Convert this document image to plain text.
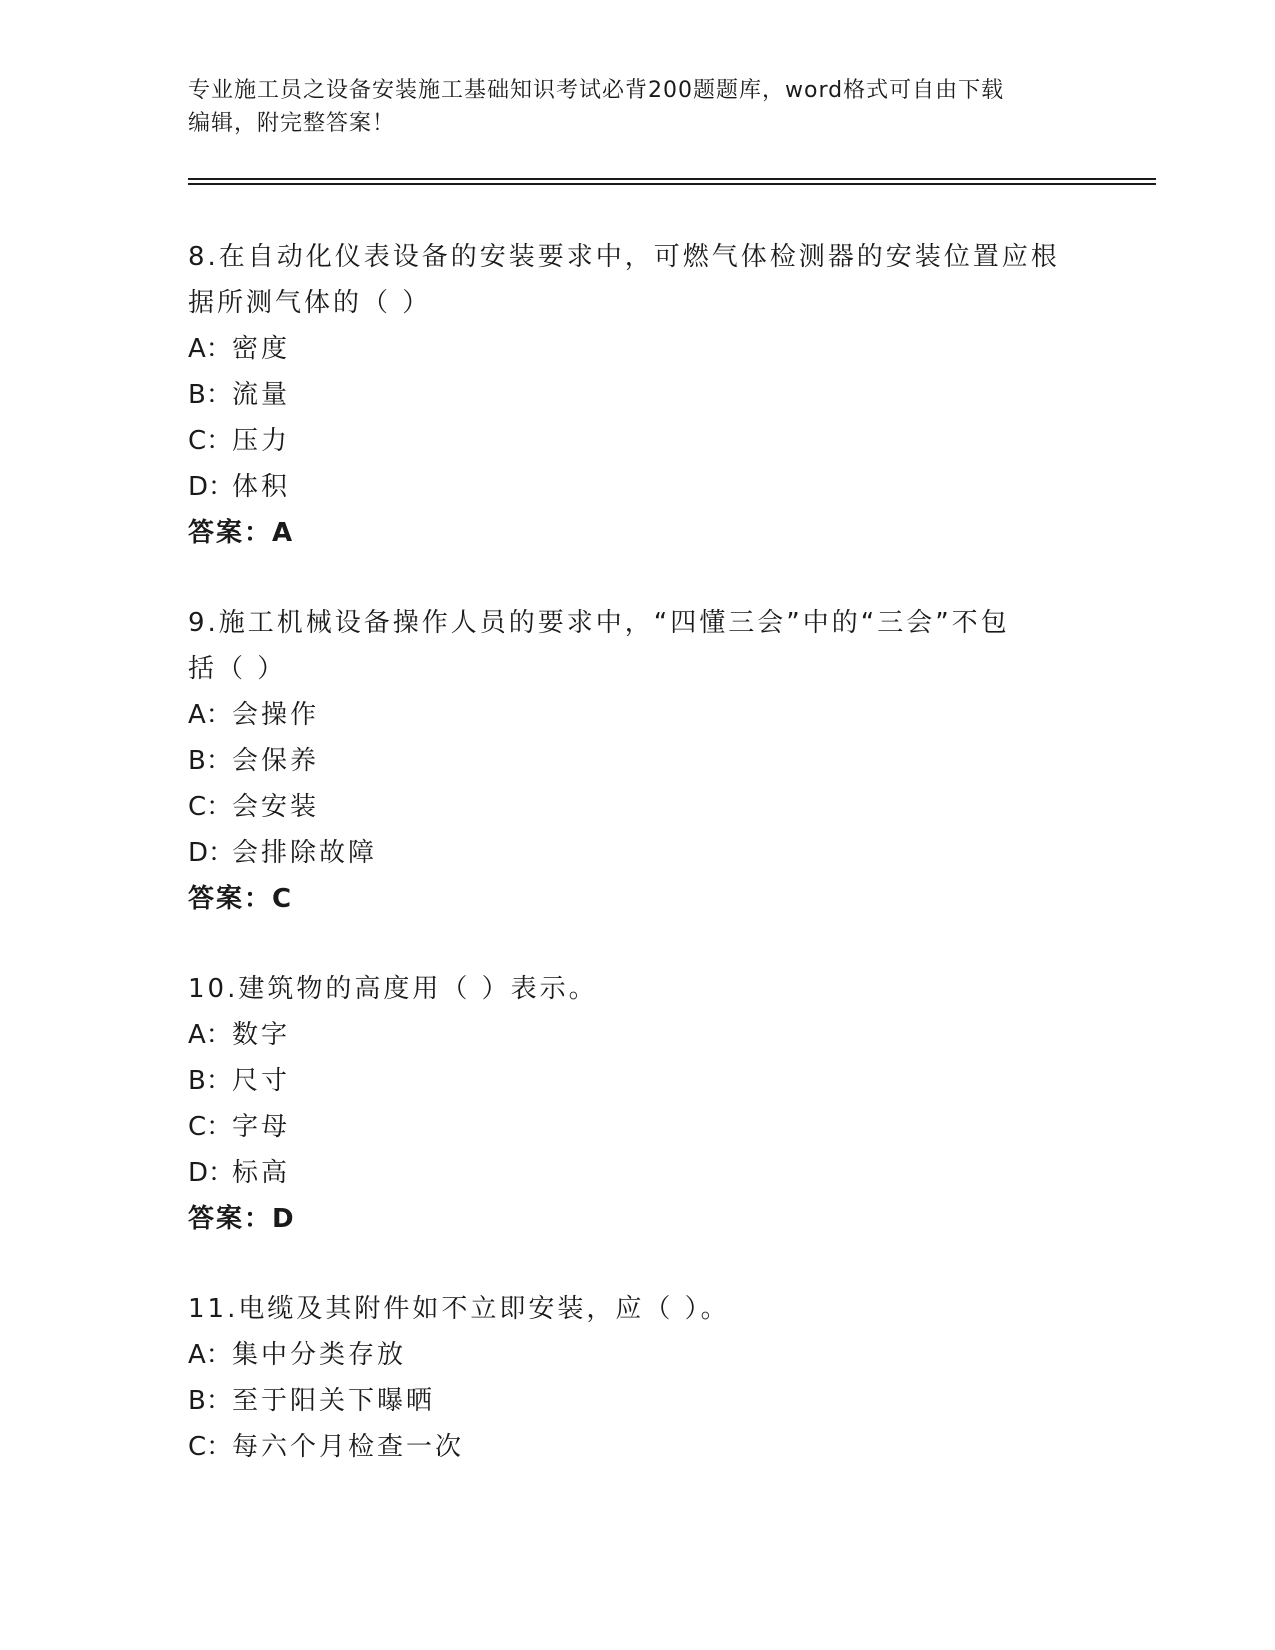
专业施工员之设备安装施工基础知识考试必背200题题库，word格式可自由下载
编辑，附完整答案！

8.在自动化仪表设备的安装要求中，可燃气体检测器的安装位置应根

据所测气体的（ ）

A：密度

B：流量

C：压力

D：体积

答案：A

9.施工机械设备操作人员的要求中，“四懂三会”中的“三会”不包

括（ ）

A：会操作

B：会保养

C：会安装

D：会排除故障

答案：C

10.建筑物的高度用（ ）表示。

A：数字

B：尺寸

C：字母

D：标高

答案：D

11.电缆及其附件如不立即安装，应（ ）。

A：集中分类存放

B：至于阳关下曝晒

C：每六个月检查一次
